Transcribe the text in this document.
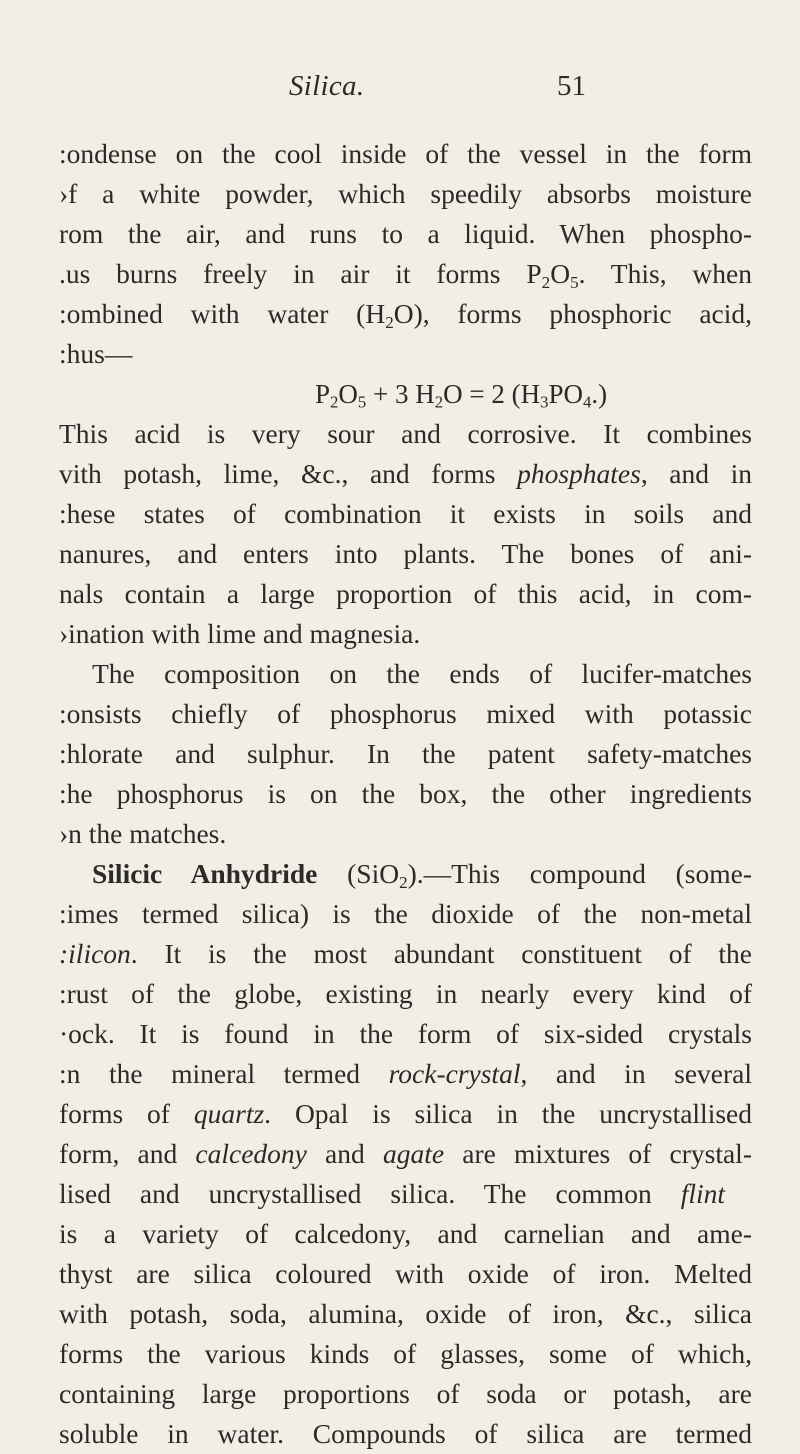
Silica.	51
:ondense on the cool inside of the vessel in the form
›f a white powder, which speedily absorbs moisture
rom the air, and runs to a liquid. When phospho-
.us burns freely in air it forms $P_2O_5$. This, when
:ombined with water $(H_2O)$, forms phosphoric acid,
:hus—
$P_2O_5 + 3$ $H_2O = 2$ $(H_3PO_4.)$
This acid is very sour and corrosive. It combines
vith potash, lime, &c., and forms phosphates, and in
:hese states of combination it exists in soils and
nanures, and enters into plants. The bones of ani-
nals contain a large proportion of this acid, in com-
›ination with lime and magnesia.
The composition on the ends of lucifer-matches
:onsists chiefly of phosphorus mixed with potassic
:hlorate and sulphur. In the patent safety-matches
:he phosphorus is on the box, the other ingredients
›n the matches.
Silicic Anhydride (SiO$_2$).—This compound (some-
:imes termed silica) is the dioxide of the non-metal
:ilicon. It is the most abundant constituent of the
:rust of the globe, existing in nearly every kind of
·ock. It is found in the form of six-sided crystals
:n the mineral termed rock-crystal, and in several
forms of quartz. Opal is silica in the uncrystallised
form, and calcedony and agate are mixtures of crystal-
lised and uncrystallised silica. The common flint
is a variety of calcedony, and carnelian and ame-
thyst are silica coloured with oxide of iron. Melted
with potash, soda, alumina, oxide of iron, &c., silica
forms the various kinds of glasses, some of which,
containing large proportions of soda or potash, are
soluble in water. Compounds of silica are termed
